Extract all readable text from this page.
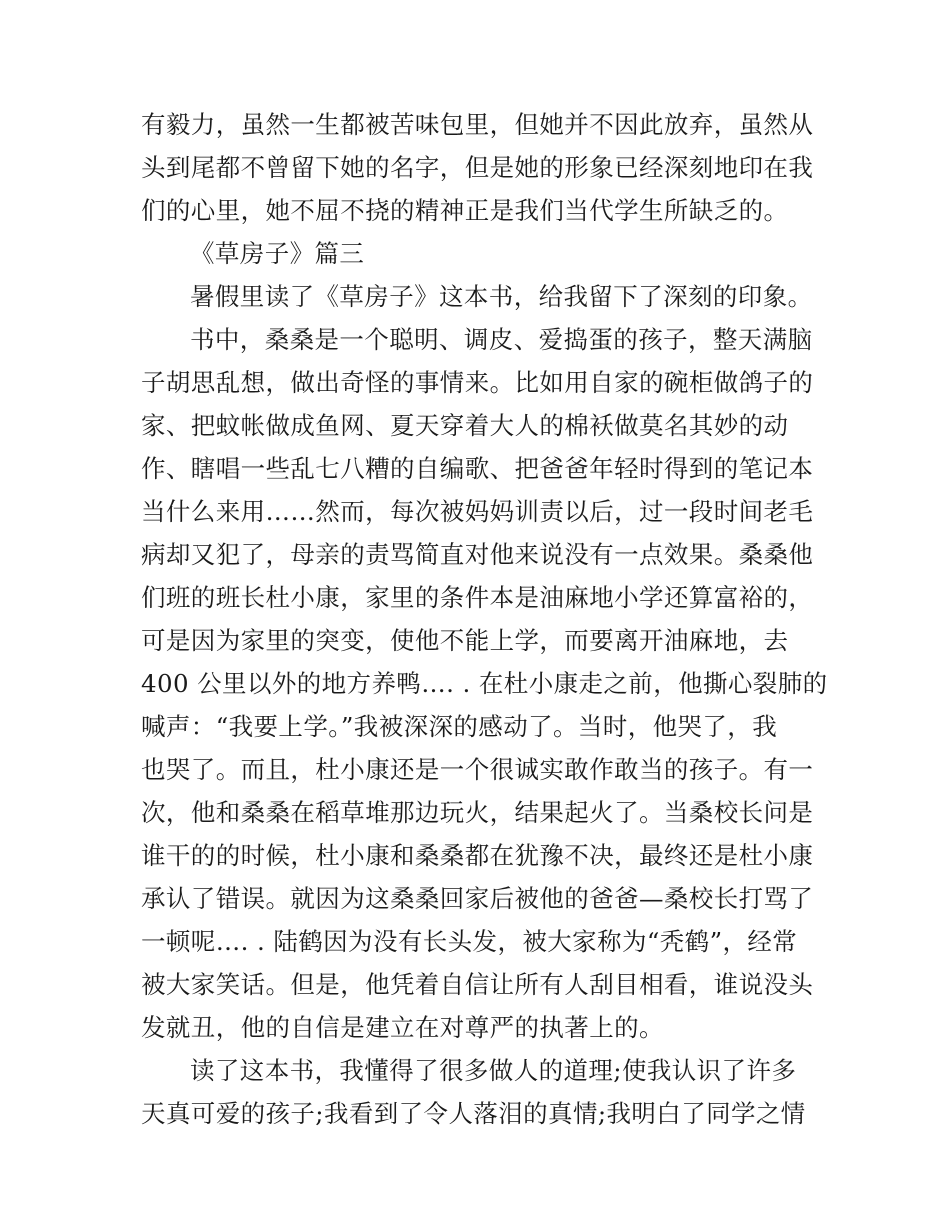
有毅力，虽然一生都被苦味包里，但她并不因此放弃，虽然从
头到尾都不曾留下她的名字，但是她的形象已经深刻地印在我
们的心里，她不屈不挠的精神正是我们当代学生所缺乏的。
《草房子》篇三
暑假里读了《草房子》这本书，给我留下了深刻的印象。
书中，桑桑是一个聪明、调皮、爱捣蛋的孩子，整天满脑
子胡思乱想，做出奇怪的事情来。比如用自家的碗柜做鸽子的
家、把蚊帐做成鱼网、夏天穿着大人的棉袄做莫名其妙的动
作、瞎唱一些乱七八糟的自编歌、把爸爸年轻时得到的笔记本
当什么来用……然而，每次被妈妈训责以后，过一段时间老毛
病却又犯了，母亲的责骂简直对他来说没有一点效果。桑桑他
们班的班长杜小康，家里的条件本是油麻地小学还算富裕的，
可是因为家里的突变，使他不能上学，而要离开油麻地，去
400 公里以外的地方养鸭…. . 在杜小康走之前，他撕心裂肺的
喊声：“我要上学。”我被深深的感动了。当时，他哭了，我
也哭了。而且，杜小康还是一个很诚实敢作敢当的孩子。有一
次，他和桑桑在稻草堆那边玩火，结果起火了。当桑校长问是
谁干的的时候，杜小康和桑桑都在犹豫不决，最终还是杜小康
承认了错误。就因为这桑桑回家后被他的爸爸—桑校长打骂了
一顿呢…. . 陆鹤因为没有长头发，被大家称为“秃鹤”，经常
被大家笑话。但是，他凭着自信让所有人刮目相看，谁说没头
发就丑，他的自信是建立在对尊严的执著上的。
读了这本书，我懂得了很多做人的道理;使我认识了许多
天真可爱的孩子;我看到了令人落泪的真情;我明白了同学之情
